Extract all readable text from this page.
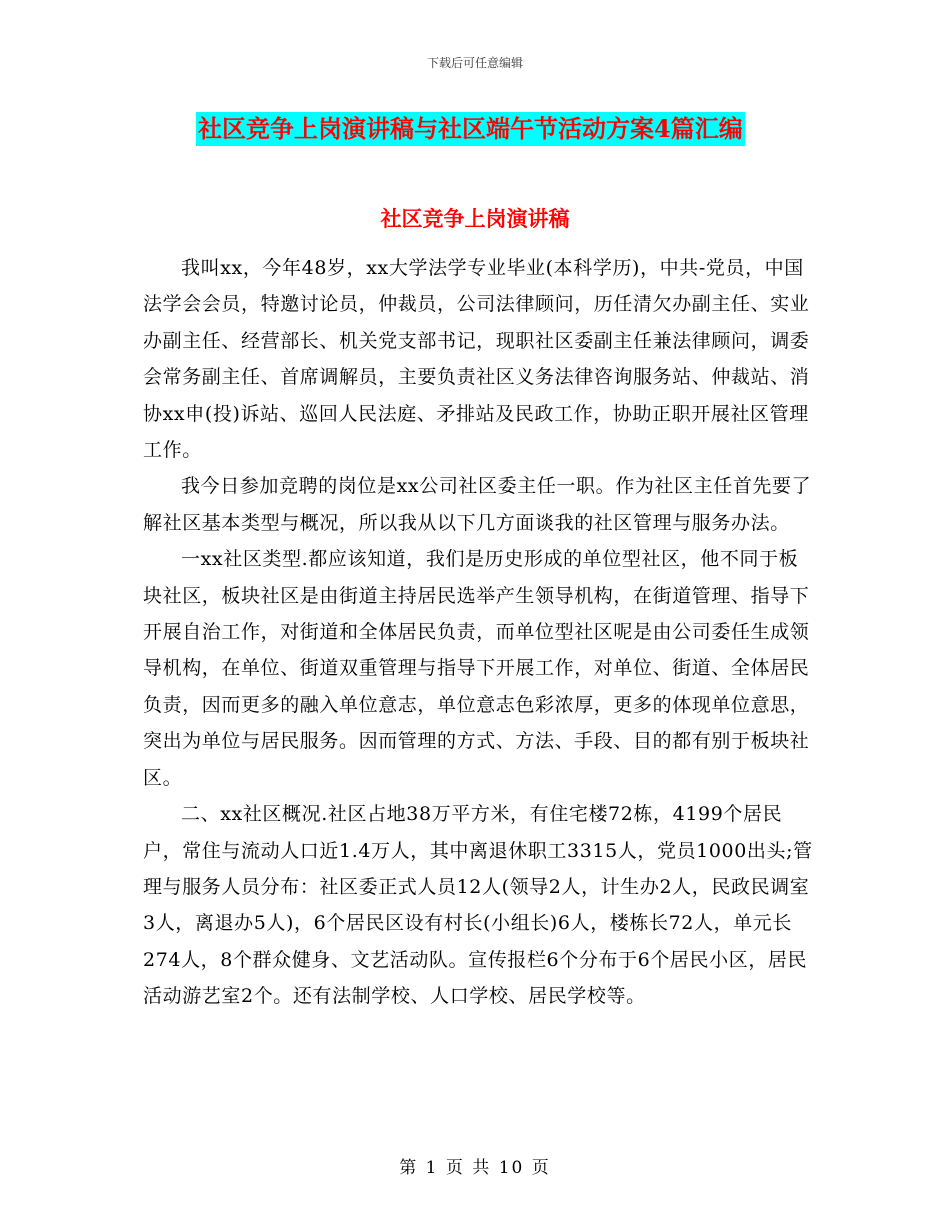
下载后可任意编辑
社区竞争上岗演讲稿与社区端午节活动方案4篇汇编
社区竞争上岗演讲稿

我叫xx，今年48岁，xx大学法学专业毕业(本科学历)，中共-党员，中国法学会会员，特邀讨论员，仲裁员，公司法律顾问，历任清欠办副主任、实业办副主任、经营部长、机关党支部书记，现职社区委副主任兼法律顾问，调委会常务副主任、首席调解员，主要负责社区义务法律咨询服务站、仲裁站、消协xx申(投)诉站、巡回人民法庭、矛排站及民政工作，协助正职开展社区管理工作。

我今日参加竞聘的岗位是xx公司社区委主任一职。作为社区主任首先要了解社区基本类型与概况，所以我从以下几方面谈我的社区管理与服务办法。

一xx社区类型.都应该知道，我们是历史形成的单位型社区，他不同于板块社区，板块社区是由街道主持居民选举产生领导机构，在街道管理、指导下开展自治工作，对街道和全体居民负责，而单位型社区呢是由公司委任生成领导机构，在单位、街道双重管理与指导下开展工作，对单位、街道、全体居民负责，因而更多的融入单位意志，单位意志色彩浓厚，更多的体现单位意思，突出为单位与居民服务。因而管理的方式、方法、手段、目的都有别于板块社区。

二、xx社区概况.社区占地38万平方米，有住宅楼72栋，4199个居民户，常住与流动人口近1.4万人，其中离退休职工3315人，党员1000出头;管理与服务人员分布：社区委正式人员12人(领导2人，计生办2人，民政民调室3人，离退办5人)，6个居民区设有村长(小组长)6人，楼栋长72人，单元长274人，8个群众健身、文艺活动队。宣传报栏6个分布于6个居民小区，居民活动游艺室2个。还有法制学校、人口学校、居民学校等。

第 1 页 共 10 页
